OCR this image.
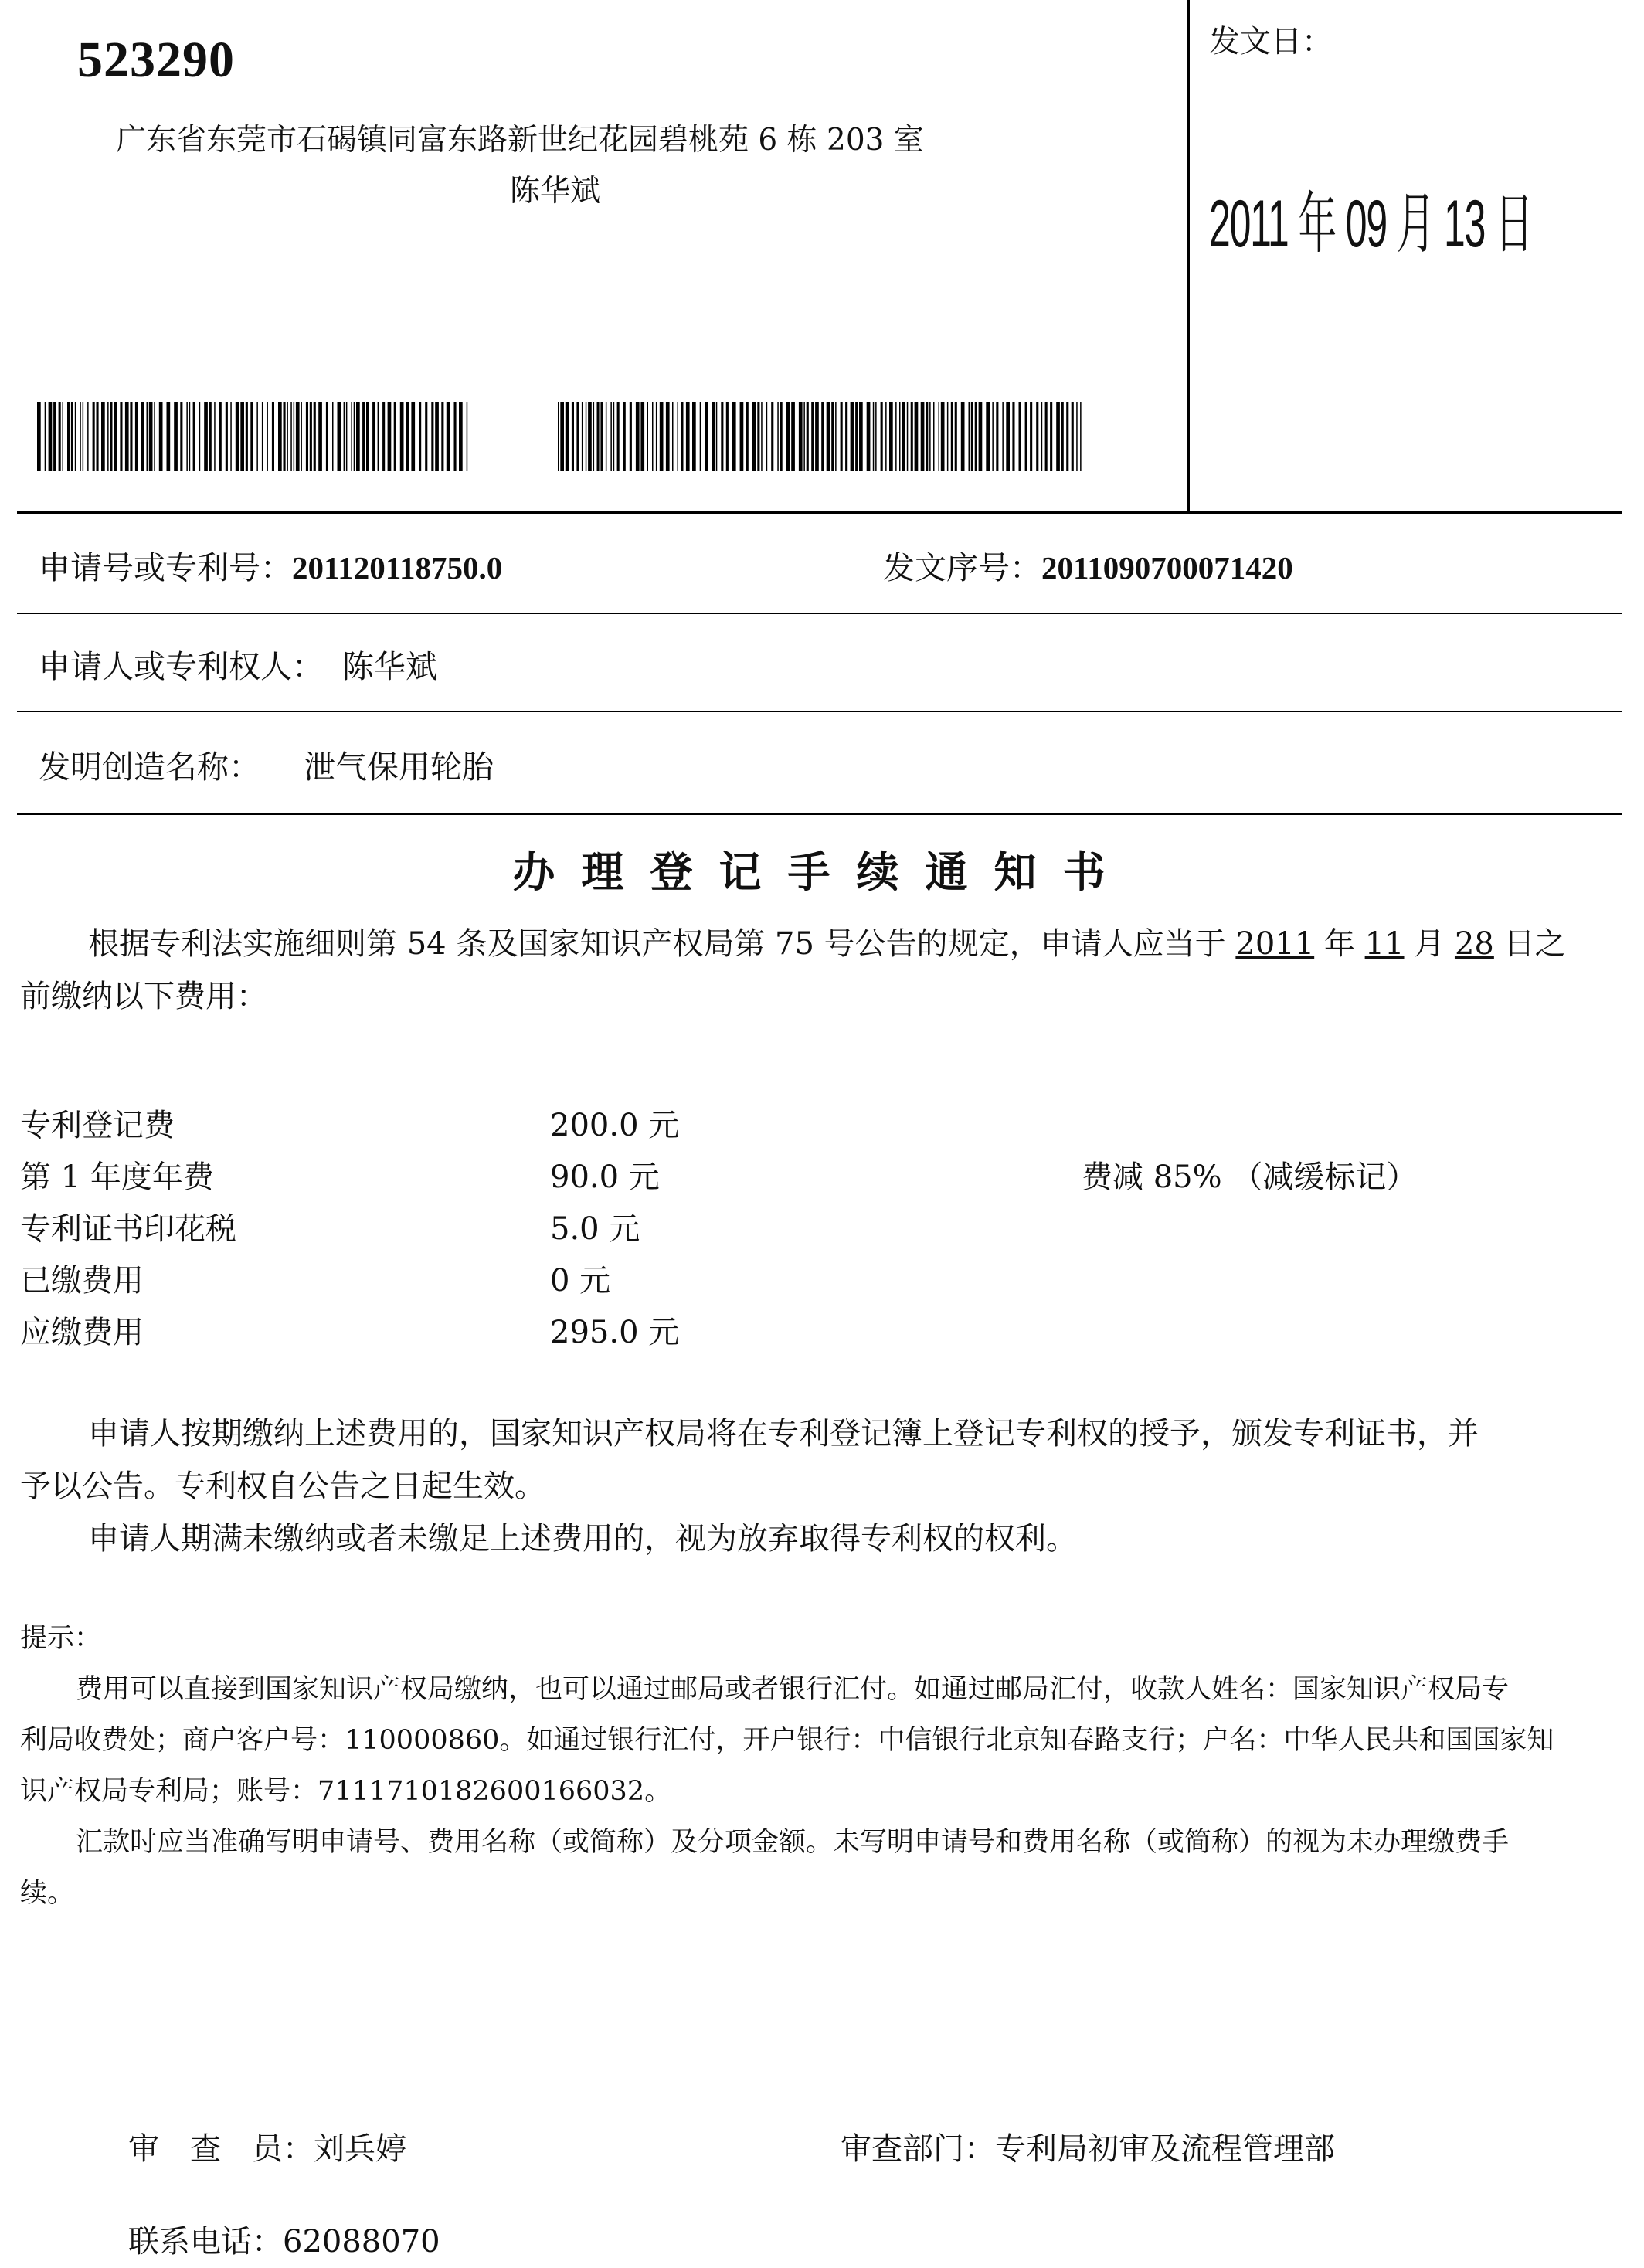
523290
广东省东莞市石碣镇同富东路新世纪花园碧桃苑 6 栋 203 室
陈华斌
发文日：
2011 年 09 月 13 日
申请号或专利号：201120118750.0	发文序号：2011090700071420
申请人或专利权人： 陈华斌
发明创造名称： 泄气保用轮胎
办理登记手续通知书
根据专利法实施细则第 54 条及国家知识产权局第 75 号公告的规定，申请人应当于 2011 年 11 月 28 日之
前缴纳以下费用：
专利登记费	200.0 元
第 1 年度年费	90.0 元	费减 85% （减缓标记）
专利证书印花税	5.0 元
已缴费用	0 元
应缴费用	295.0 元
申请人按期缴纳上述费用的，国家知识产权局将在专利登记簿上登记专利权的授予，颁发专利证书，并
予以公告。专利权自公告之日起生效。
申请人期满未缴纳或者未缴足上述费用的，视为放弃取得专利权的权利。
提示：
费用可以直接到国家知识产权局缴纳，也可以通过邮局或者银行汇付。如通过邮局汇付，收款人姓名：国家知识产权局专
利局收费处；商户客户号：110000860。如通过银行汇付，开户银行：中信银行北京知春路支行；户名：中华人民共和国国家知
识产权局专利局；账号：7111710182600166032。
汇款时应当准确写明申请号、费用名称（或简称）及分项金额。未写明申请号和费用名称（或简称）的视为未办理缴费手
续。
审　查　员：刘兵婷	审查部门：专利局初审及流程管理部
联系电话：62088070
